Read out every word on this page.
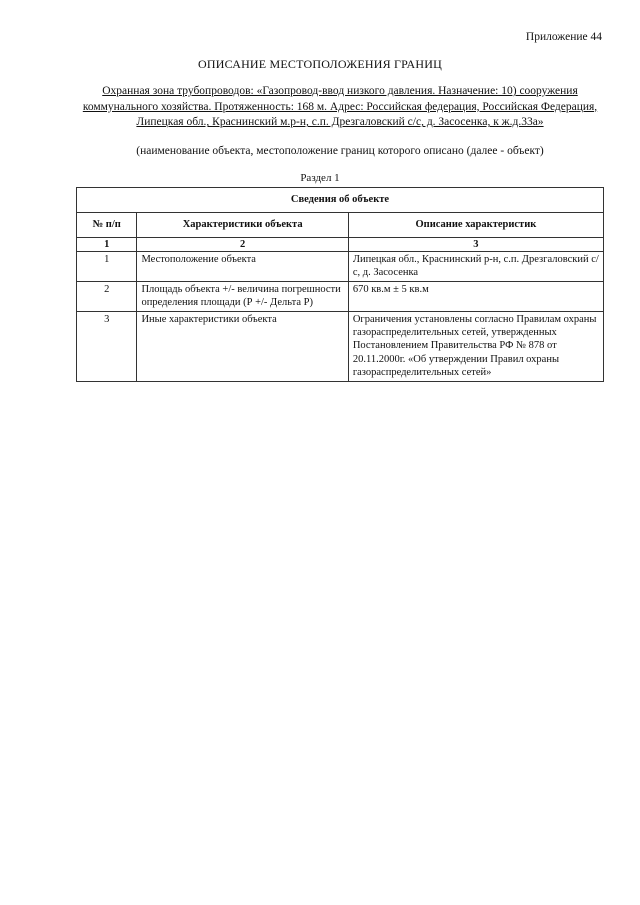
Приложение 44
ОПИСАНИЕ МЕСТОПОЛОЖЕНИЯ ГРАНИЦ
Охранная зона трубопроводов: «Газопровод-ввод низкого давления. Назначение: 10) сооружения коммунального хозяйства. Протяженность: 168 м. Адрес: Российская федерация, Российская Федерация, Липецкая обл., Краснинский м.р-н, с.п. Дрезгаловский с/с, д. Засосенка, к ж.д.33а»
(наименование объекта, местоположение границ которого описано (далее - объект)
Раздел 1
Сведения об объекте		
№ п/п	Характеристики объекта	Описание характеристик
1	2	3
1	Местоположение объекта	Липецкая обл., Краснинский р-н, с.п. Дрезгаловский с/с, д. Засосенка
2	Площадь объекта +/- величина погрешности определения площади (Р +/- Дельта Р)	670 кв.м ± 5 кв.м
3	Иные характеристики объекта	Ограничения установлены согласно Правилам охраны газораспределительных сетей, утвержденных Постановлением Правительства РФ № 878 от 20.11.2000г. «Об утверждении Правил охраны газораспределительных сетей»
